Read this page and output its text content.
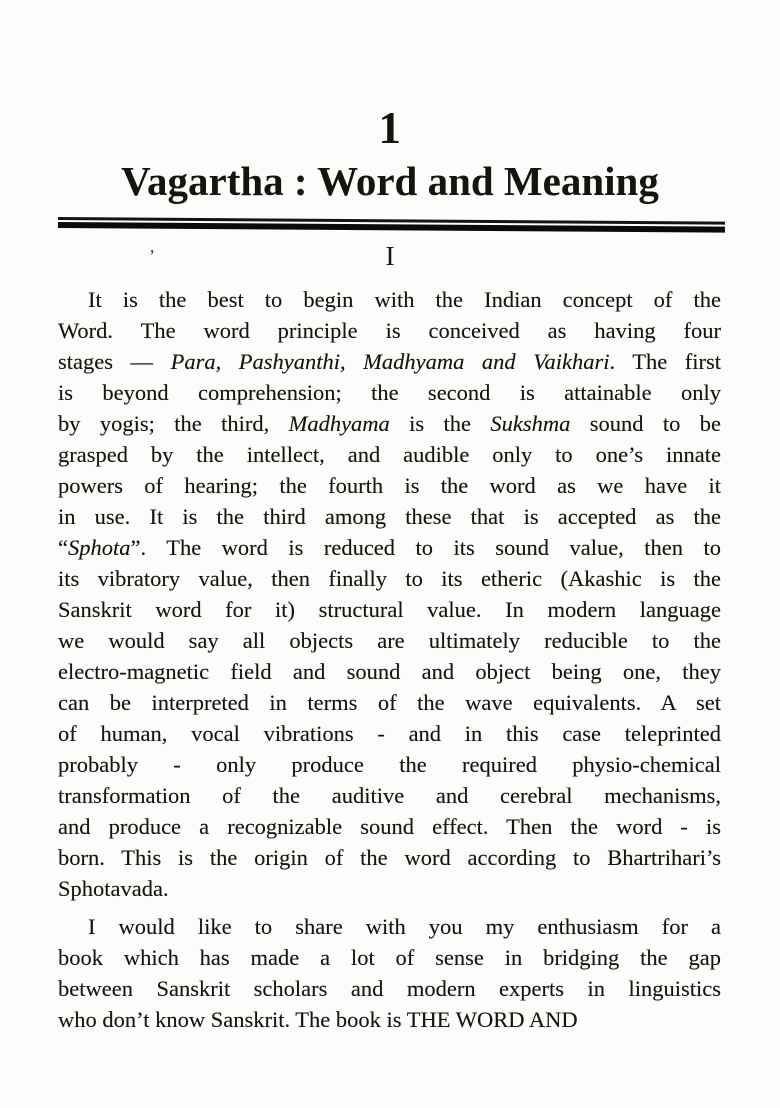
1
Vagartha : Word and Meaning
’	I
It is the best to begin with the Indian concept of the
Word. The word principle is conceived as having four
stages — Para, Pashyanthi, Madhyama and Vaikhari. The first
is beyond comprehension; the second is attainable only
by yogis; the third, Madhyama is the Sukshma sound to be
grasped by the intellect, and audible only to one’s innate
powers of hearing; the fourth is the word as we have it
in use. It is the third among these that is accepted as the
“Sphota”. The word is reduced to its sound value, then to
its vibratory value, then finally to its etheric (Akashic is the
Sanskrit word for it) structural value. In modern language
we would say all objects are ultimately reducible to the
electro-magnetic field and sound and object being one, they
can be interpreted in terms of the wave equivalents. A set
of human, vocal vibrations - and in this case teleprinted
probably - only produce the required physio-chemical
transformation of the auditive and cerebral mechanisms,
and produce a recognizable sound effect. Then the word - is
born. This is the origin of the word according to Bhartrihari’s
Sphotavada.
I would like to share with you my enthusiasm for a
book which has made a lot of sense in bridging the gap
between Sanskrit scholars and modern experts in linguistics
who don’t know Sanskrit. The book is THE WORD AND
